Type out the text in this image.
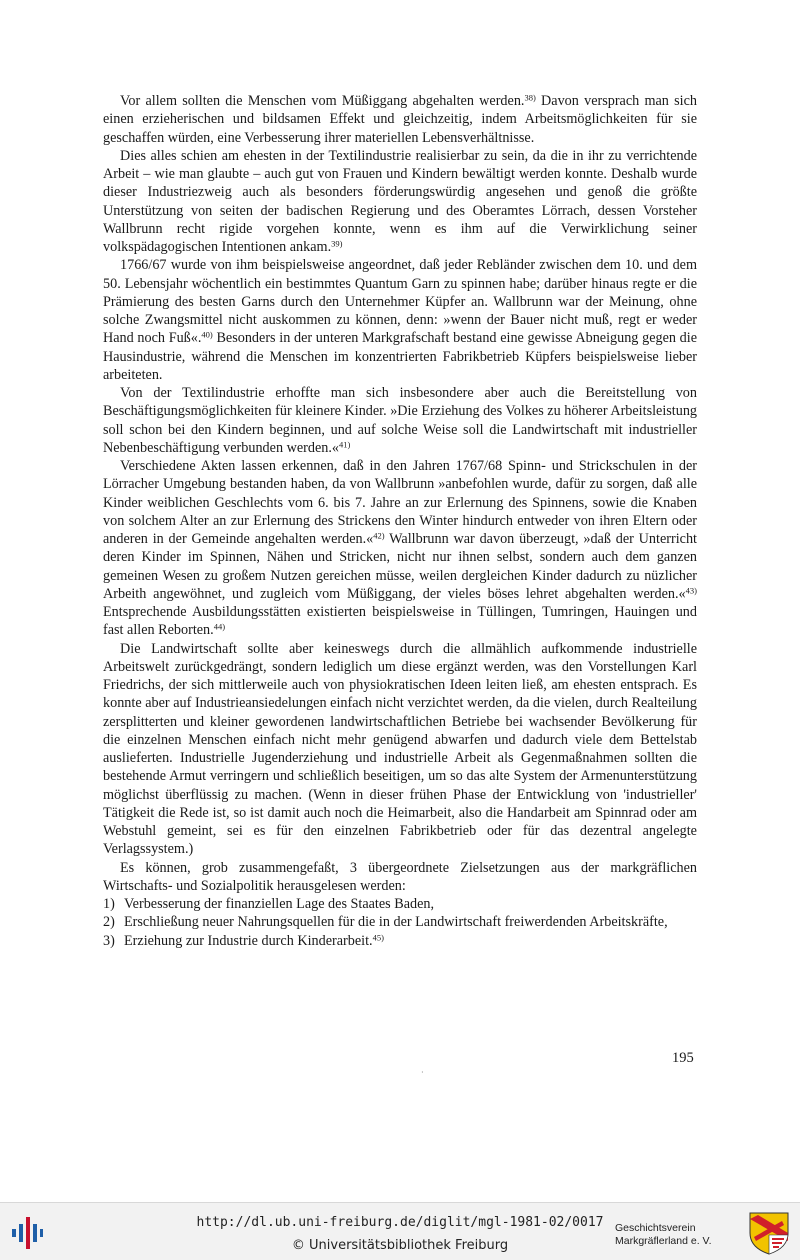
Vor allem sollten die Menschen vom Müßiggang abgehalten werden.$^{38)}$ Davon versprach man sich einen erzieherischen und bildsamen Effekt und gleichzeitig, indem Arbeitsmöglichkeiten für sie geschaffen würden, eine Verbesserung ihrer materiellen Lebensverhältnisse.

Dies alles schien am ehesten in der Textilindustrie realisierbar zu sein, da die in ihr zu verrichtende Arbeit – wie man glaubte – auch gut von Frauen und Kindern bewältigt werden konnte. Deshalb wurde dieser Industriezweig auch als besonders förderungswürdig angesehen und genoß die größte Unterstützung von seiten der badischen Regierung und des Oberamtes Lörrach, dessen Vorsteher Wallbrunn recht rigide vorgehen konnte, wenn es ihm auf die Verwirklichung seiner volkspädagogischen Intentionen ankam.$^{39)}$

1766/67 wurde von ihm beispielsweise angeordnet, daß jeder Rebländer zwischen dem 10. und dem 50. Lebensjahr wöchentlich ein bestimmtes Quantum Garn zu spinnen habe; darüber hinaus regte er die Prämierung des besten Garns durch den Unternehmer Küpfer an. Wallbrunn war der Meinung, ohne solche Zwangsmittel nicht auskommen zu können, denn: »wenn der Bauer nicht muß, regt er weder Hand noch Fuß«.$^{40)}$ Besonders in der unteren Markgrafschaft bestand eine gewisse Abneigung gegen die Hausindustrie, während die Menschen im konzentrierten Fabrikbetrieb Küpfers beispielsweise lieber arbeiteten.

Von der Textilindustrie erhoffte man sich insbesondere aber auch die Bereitstellung von Beschäftigungsmöglichkeiten für kleinere Kinder. »Die Erziehung des Volkes zu höherer Arbeitsleistung soll schon bei den Kindern beginnen, und auf solche Weise soll die Landwirtschaft mit industrieller Nebenbeschäftigung verbunden werden.«$^{41)}$

Verschiedene Akten lassen erkennen, daß in den Jahren 1767/68 Spinn- und Strickschulen in der Lörracher Umgebung bestanden haben, da von Wallbrunn »anbefohlen wurde, dafür zu sorgen, daß alle Kinder weiblichen Geschlechts vom 6. bis 7. Jahre an zur Erlernung des Spinnens, sowie die Knaben von solchem Alter an zur Erlernung des Strickens den Winter hindurch entweder von ihren Eltern oder anderen in der Gemeinde angehalten werden.«$^{42)}$ Wallbrunn war davon überzeugt, »daß der Unterricht deren Kinder im Spinnen, Nähen und Stricken, nicht nur ihnen selbst, sondern auch dem ganzen gemeinen Wesen zu großem Nutzen gereichen müsse, weilen dergleichen Kinder dadurch zu nüzlicher Arbeith angewöhnet, und zugleich vom Müßiggang, der vieles böses lehret abgehalten werden.«$^{43)}$ Entsprechende Ausbildungsstätten existierten beispielsweise in Tüllingen, Tumringen, Hauingen und fast allen Reborten.$^{44)}$

Die Landwirtschaft sollte aber keineswegs durch die allmählich aufkommende industrielle Arbeitswelt zurückgedrängt, sondern lediglich um diese ergänzt werden, was den Vorstellungen Karl Friedrichs, der sich mittlerweile auch von physiokratischen Ideen leiten ließ, am ehesten entsprach. Es konnte aber auf Industrieansiedelungen einfach nicht verzichtet werden, da die vielen, durch Realteilung zersplitterten und kleiner gewordenen landwirtschaftlichen Betriebe bei wachsender Bevölkerung für die einzelnen Menschen einfach nicht mehr genügend abwarfen und dadurch viele dem Bettelstab auslieferten. Industrielle Jugenderziehung und industrielle Arbeit als Gegenmaßnahmen sollten die bestehende Armut verringern und schließlich beseitigen, um so das alte System der Armenunterstützung möglichst überflüssig zu machen. (Wenn in dieser frühen Phase der Entwicklung von 'industrieller' Tätigkeit die Rede ist, so ist damit auch noch die Heimarbeit, also die Handarbeit am Spinnrad oder am Webstuhl gemeint, sei es für den einzelnen Fabrikbetrieb oder für das dezentral angelegte Verlagssystem.)

Es können, grob zusammengefaßt, 3 übergeordnete Zielsetzungen aus der markgräflichen Wirtschafts- und Sozialpolitik herausgelesen werden:

1) Verbesserung der finanziellen Lage des Staates Baden,
2) Erschließung neuer Nahrungsquellen für die in der Landwirtschaft freiwerdenden Arbeitskräfte,
3) Erziehung zur Industrie durch Kinderarbeit.$^{45)}$
195
·
http://dl.ub.uni-freiburg.de/diglit/mgl-1981-02/0017
© Universitätsbibliothek Freiburg
Geschichtsverein
Markgräflerland e. V.
